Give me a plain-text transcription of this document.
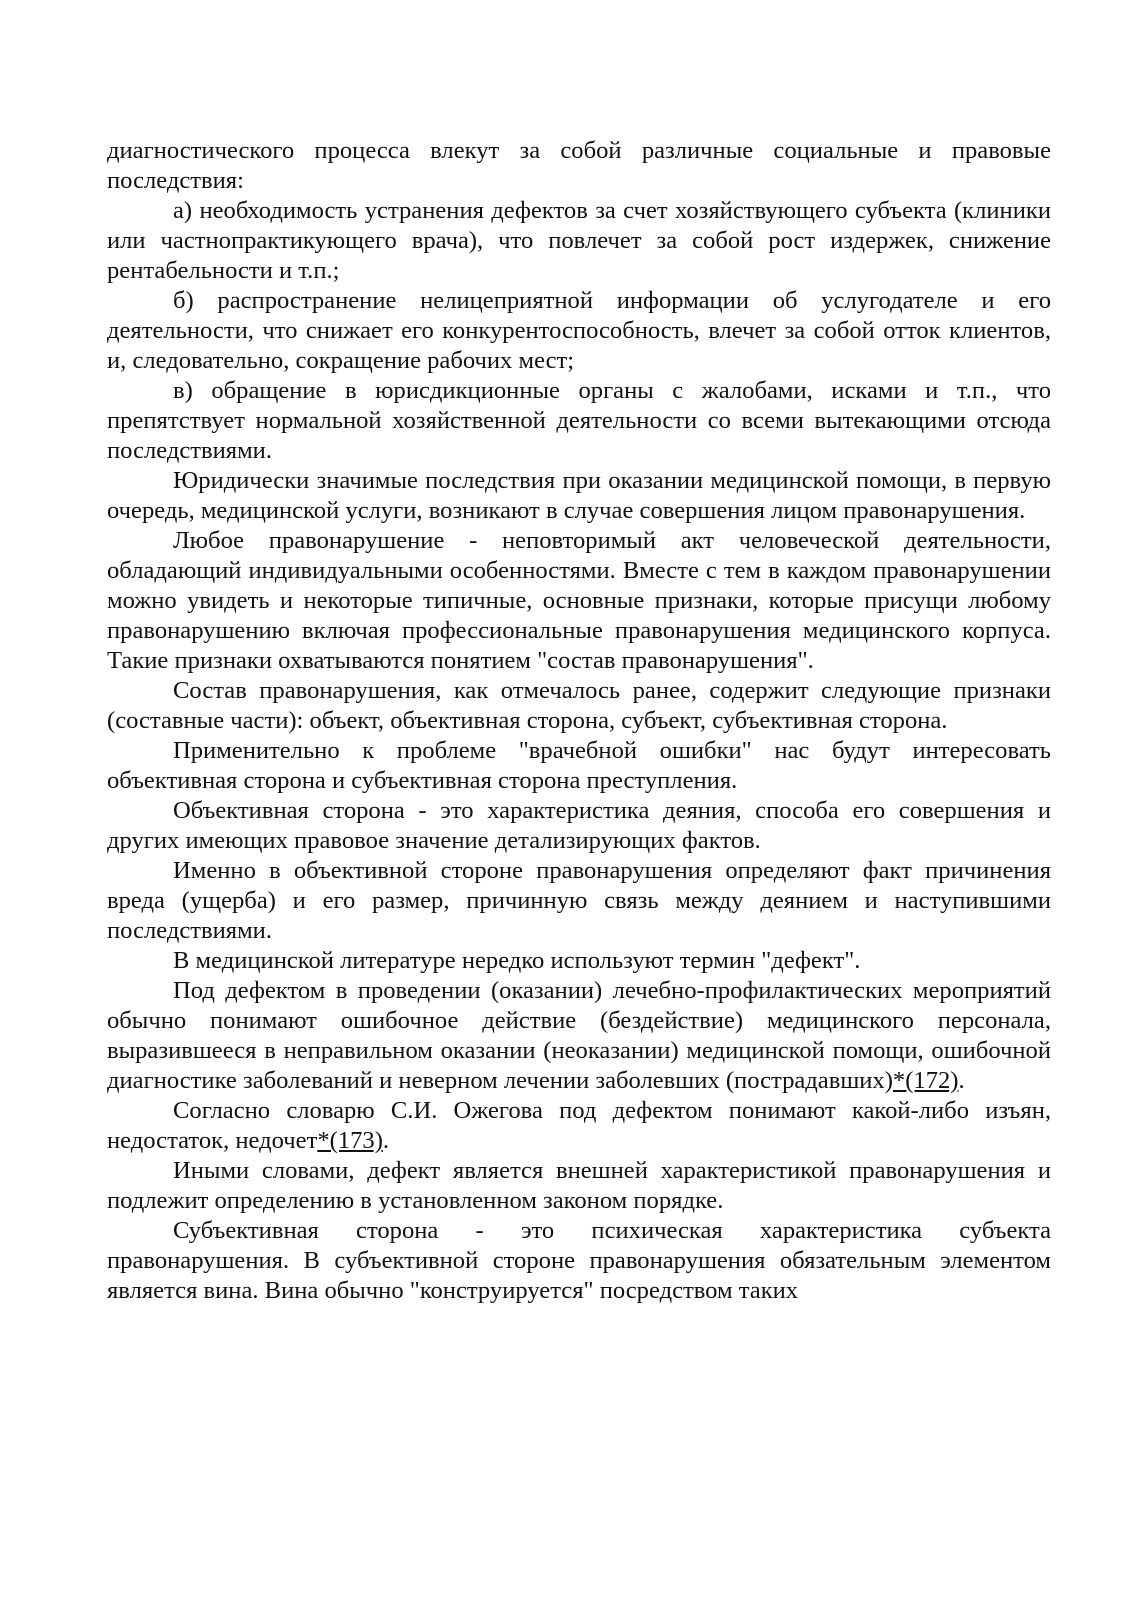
диагностического процесса влекут за собой различные социальные и правовые последствия:

а) необходимость устранения дефектов за счет хозяйствующего субъекта (клиники или частнопрактикующего врача), что повлечет за собой рост издержек, снижение рентабельности и т.п.;

б) распространение нелицеприятной информации об услугодателе и его деятельности, что снижает его конкурентоспособность, влечет за собой отток клиентов, и, следовательно, сокращение рабочих мест;

в) обращение в юрисдикционные органы с жалобами, исками и т.п., что препятствует нормальной хозяйственной деятельности со всеми вытекающими отсюда последствиями.

Юридически значимые последствия при оказании медицинской помощи, в первую очередь, медицинской услуги, возникают в случае совершения лицом правонарушения.

Любое правонарушение - неповторимый акт человеческой деятельности, обладающий индивидуальными особенностями. Вместе с тем в каждом правонарушении можно увидеть и некоторые типичные, основные признаки, которые присущи любому правонарушению включая профессиональные правонарушения медицинского корпуса. Такие признаки охватываются понятием "состав правонарушения".

Состав правонарушения, как отмечалось ранее, содержит следующие признаки (составные части): объект, объективная сторона, субъект, субъективная сторона.

Применительно к проблеме "врачебной ошибки" нас будут интересовать объективная сторона и субъективная сторона преступления.

Объективная сторона - это характеристика деяния, способа его совершения и других имеющих правовое значение детализирующих фактов.

Именно в объективной стороне правонарушения определяют факт причинения вреда (ущерба) и его размер, причинную связь между деянием и наступившими последствиями.

В медицинской литературе нередко используют термин "дефект".

Под дефектом в проведении (оказании) лечебно-профилактических мероприятий обычно понимают ошибочное действие (бездействие) медицинского персонала, выразившееся в неправильном оказании (неоказании) медицинской помощи, ошибочной диагностике заболеваний и неверном лечении заболевших (пострадавших)*(172).

Согласно словарю С.И. Ожегова под дефектом понимают какой-либо изъян, недостаток, недочет*(173).

Иными словами, дефект является внешней характеристикой правонарушения и подлежит определению в установленном законом порядке.

Субъективная сторона - это психическая характеристика субъекта правонарушения. В субъективной стороне правонарушения обязательным элементом является вина. Вина обычно "конструируется" посредством таких
